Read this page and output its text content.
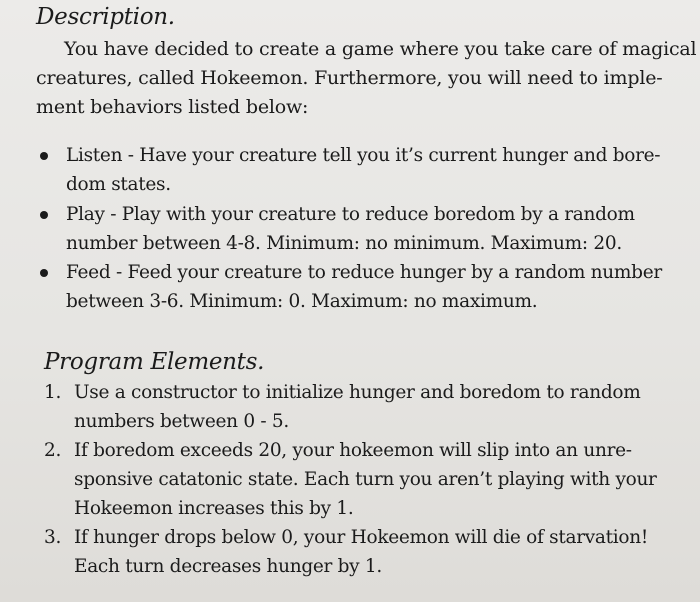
Description.
You have decided to create a game where you take care of magical
creatures, called Hokeemon. Furthermore, you will need to imple-
ment behaviors listed below:
Listen - Have your creature tell you it’s current hunger and bore-
dom states.
Play - Play with your creature to reduce boredom by a random
number between 4-8. Minimum: no minimum. Maximum: 20.
Feed - Feed your creature to reduce hunger by a random number
between 3-6. Minimum: 0. Maximum: no maximum.
Program Elements.
1. Use a constructor to initialize hunger and boredom to random
numbers between 0 - 5.
2. If boredom exceeds 20, your hokeemon will slip into an unre-
sponsive catatonic state. Each turn you aren’t playing with your
Hokeemon increases this by 1.
3. If hunger drops below 0, your Hokeemon will die of starvation!
Each turn decreases hunger by 1.
